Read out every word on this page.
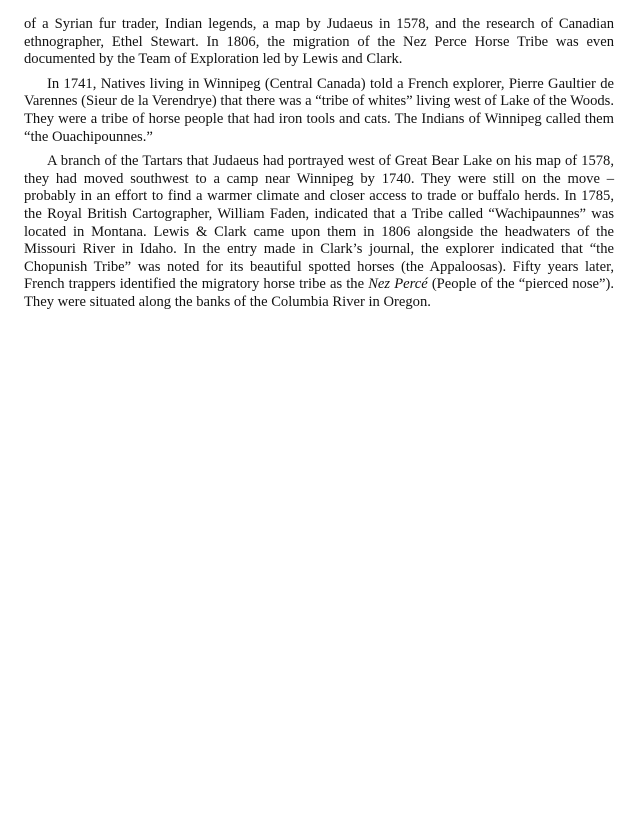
of a Syrian fur trader, Indian legends, a map by Judaeus in 1578, and the research of Canadian ethnographer, Ethel Stewart. In 1806, the migration of the Nez Perce Horse Tribe was even documented by the Team of Exploration led by Lewis and Clark.

In 1741, Natives living in Winnipeg (Central Canada) told a French explorer, Pierre Gaultier de Varennes (Sieur de la Verendrye) that there was a “tribe of whites” living west of Lake of the Woods. They were a tribe of horse people that had iron tools and cats. The Indians of Winnipeg called them “the Ouachipounnes.”

A branch of the Tartars that Judaeus had portrayed west of Great Bear Lake on his map of 1578, they had moved southwest to a camp near Winnipeg by 1740. They were still on the move – probably in an effort to find a warmer climate and closer access to trade or buffalo herds. In 1785, the Royal British Cartographer, William Faden, indicated that a Tribe called “Wachipaunnes” was located in Montana. Lewis & Clark came upon them in 1806 alongside the headwaters of the Missouri River in Idaho. In the entry made in Clark’s journal, the explorer indicated that “the Chopunish Tribe” was noted for its beautiful spotted horses (the Appaloosas). Fifty years later, French trappers identified the migratory horse tribe as the Nez Percé (People of the “pierced nose”). They were situated along the banks of the Columbia River in Oregon.
